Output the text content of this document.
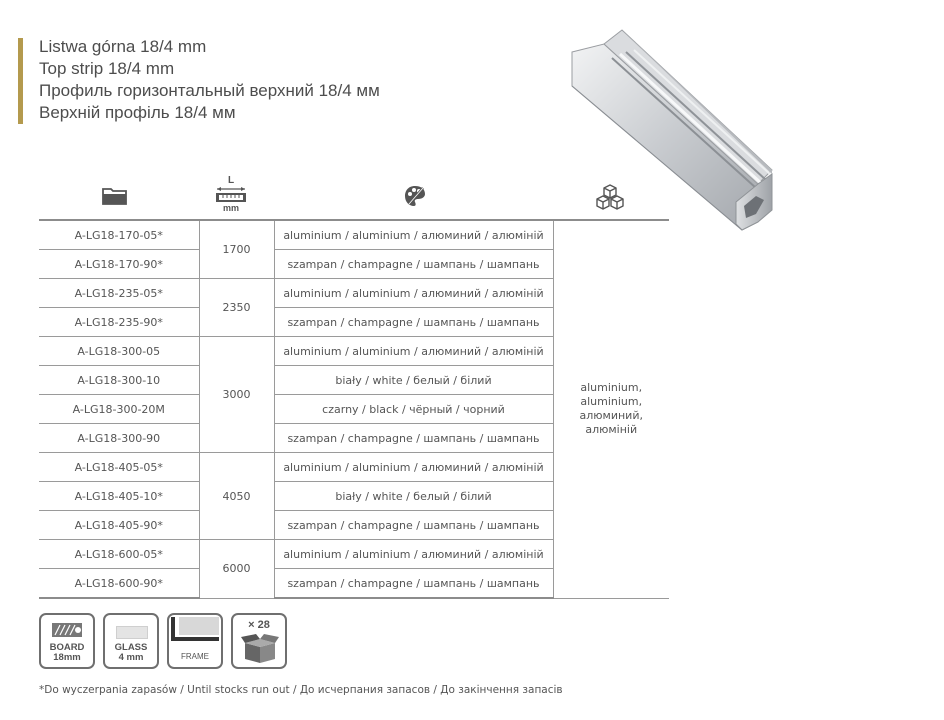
Listwa górna 18/4 mm
Top strip 18/4 mm
Профиль горизонтальный верхний 18/4 мм
Верхній профіль 18/4 мм
L
mm
A-LG18-170-05*	1700	aluminium / aluminium / алюминий / алюміній	aluminium, aluminium, алюминий, алюміній
A-LG18-170-90*		szampan / champagne / шампань / шампань	
A-LG18-235-05*	2350	aluminium / aluminium / алюминий / алюміній	
A-LG18-235-90*		szampan / champagne / шампань / шампань	
A-LG18-300-05	3000	aluminium / aluminium / алюминий / алюміній	
A-LG18-300-10		biały / white / белый / білий	
A-LG18-300-20M		czarny / black / чёрный / чорний	
A-LG18-300-90		szampan / champagne / шампань / шампань	
A-LG18-405-05*	4050	aluminium / aluminium / алюминий / алюміній	
A-LG18-405-10*		biały / white / белый / білий	
A-LG18-405-90*		szampan / champagne / шампань / шампань	
A-LG18-600-05*	6000	aluminium / aluminium / алюминий / алюміній	
A-LG18-600-90*		szampan / champagne / шампань / шампань	
BOARD
18mm
GLASS
4 mm	FRAME
× 28
*Do wyczerpania zapasów / Until stocks run out / До исчерпания запасов / До закінчення запасів
